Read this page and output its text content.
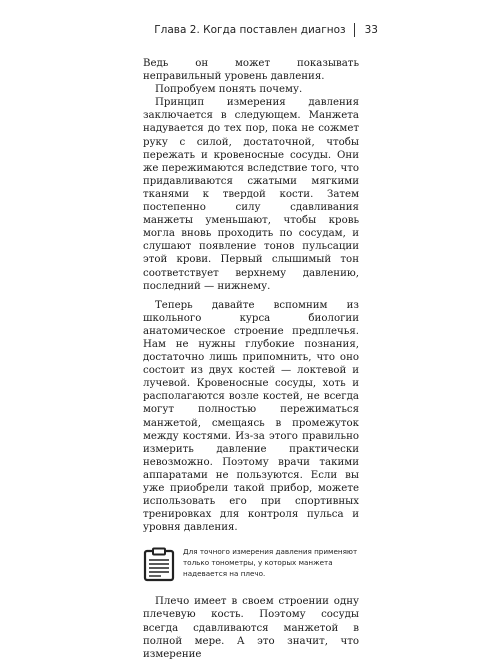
Глава 2. Когда поставлен диагноз 33

Ведь он может показывать неправильный уровень давления.

Попробуем понять почему.

Принцип измерения давления заключается в следующем. Манжета надувается до тех пор, пока не сожмет руку с силой, достаточной, чтобы пережать и кровеносные сосуды. Они же пережимаются вследствие того, что придавливаются сжатыми мягкими тканями к твердой кости. Затем постепенно силу сдавливания манжеты уменьшают, чтобы кровь могла вновь проходить по сосудам, и слушают появление тонов пульсации этой крови. Первый слышимый тон соответствует верхнему давлению, последний — нижнему.

Теперь давайте вспомним из школьного курса биологии анатомическое строение предплечья. Нам не нужны глубокие познания, достаточно лишь припомнить, что оно состоит из двух костей — локтевой и лучевой. Кровеносные сосуды, хоть и располагаются возле костей, не всегда могут полностью пережиматься манжетой, смещаясь в промежуток между костями. Из-за этого правильно измерить давление практически невозможно. Поэтому врачи такими аппаратами не пользуются. Если вы уже приобрели такой прибор, можете использовать его при спортивных тренировках для контроля пульса и уровня давления.

Для точного измерения давления применяют только тонометры, у которых манжета надевается на плечо.

Плечо имеет в своем строении одну плечевую кость. Поэтому сосуды всегда сдавливаются манжетой в полной мере. А это значит, что измерение
